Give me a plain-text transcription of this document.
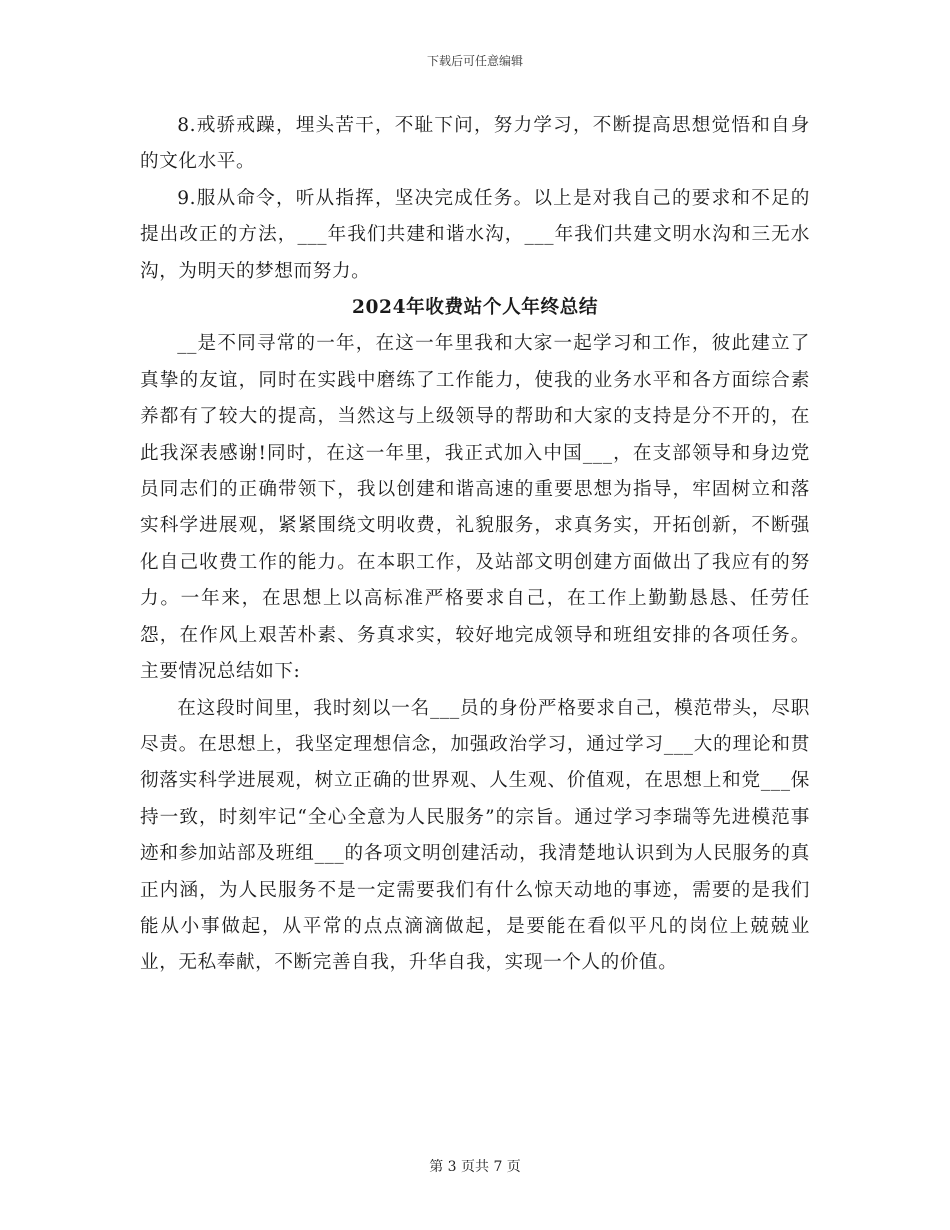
下载后可任意编辑

8.戒骄戒躁，埋头苦干，不耻下问，努力学习，不断提高思想觉悟和自身的文化水平。

9.服从命令，听从指挥，坚决完成任务。以上是对我自己的要求和不足的提出改正的方法，___年我们共建和谐水沟，___年我们共建文明水沟和三无水沟，为明天的梦想而努力。

2024年收费站个人年终总结

__是不同寻常的一年，在这一年里我和大家一起学习和工作，彼此建立了真挚的友谊，同时在实践中磨练了工作能力，使我的业务水平和各方面综合素养都有了较大的提高，当然这与上级领导的帮助和大家的支持是分不开的，在此我深表感谢!同时，在这一年里，我正式加入中国___，在支部领导和身边党员同志们的正确带领下，我以创建和谐高速的重要思想为指导，牢固树立和落实科学进展观，紧紧围绕文明收费，礼貌服务，求真务实，开拓创新，不断强化自己收费工作的能力。在本职工作，及站部文明创建方面做出了我应有的努力。一年来，在思想上以高标准严格要求自己，在工作上勤勤恳恳、任劳任怨，在作风上艰苦朴素、务真求实，较好地完成领导和班组安排的各项任务。主要情况总结如下:

在这段时间里，我时刻以一名___员的身份严格要求自己，模范带头，尽职尽责。在思想上，我坚定理想信念，加强政治学习，通过学习___大的理论和贯彻落实科学进展观，树立正确的世界观、人生观、价值观，在思想上和党___保持一致，时刻牢记“全心全意为人民服务”的宗旨。通过学习李瑞等先进模范事迹和参加站部及班组___的各项文明创建活动，我清楚地认识到为人民服务的真正内涵，为人民服务不是一定需要我们有什么惊天动地的事迹，需要的是我们能从小事做起，从平常的点点滴滴做起，是要能在看似平凡的岗位上兢兢业业，无私奉献，不断完善自我，升华自我，实现一个人的价值。

第 3 页共 7 页
